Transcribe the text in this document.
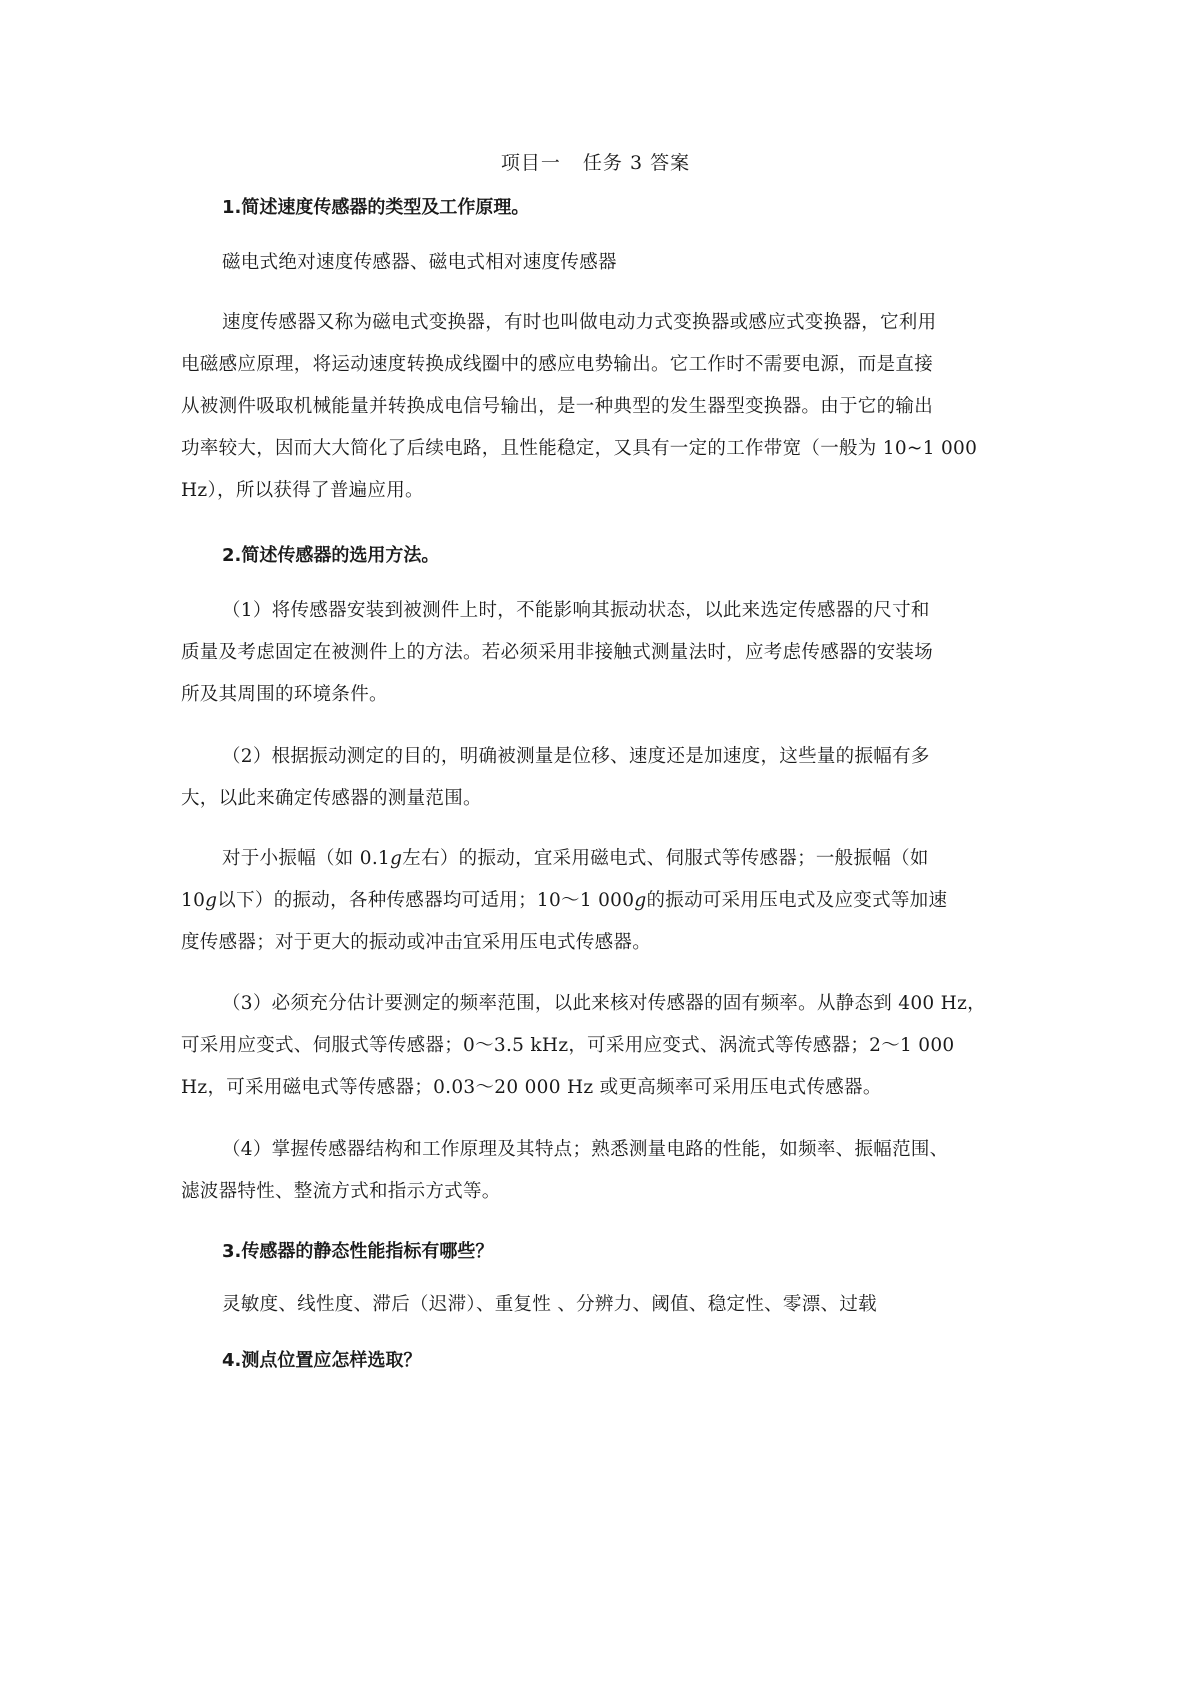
项目一 任务 3 答案
1.简述速度传感器的类型及工作原理。
磁电式绝对速度传感器、磁电式相对速度传感器
速度传感器又称为磁电式变换器，有时也叫做电动力式变换器或感应式变换器，它利用
电磁感应原理，将运动速度转换成线圈中的感应电势输出。它工作时不需要电源，而是直接
从被测件吸取机械能量并转换成电信号输出，是一种典型的发生器型变换器。由于它的输出
功率较大，因而大大简化了后续电路，且性能稳定，又具有一定的工作带宽（一般为 10~1 000
Hz），所以获得了普遍应用。
2.简述传感器的选用方法。
（1）将传感器安装到被测件上时，不能影响其振动状态，以此来选定传感器的尺寸和
质量及考虑固定在被测件上的方法。若必须采用非接触式测量法时，应考虑传感器的安装场
所及其周围的环境条件。
（2）根据振动测定的目的，明确被测量是位移、速度还是加速度，这些量的振幅有多
大，以此来确定传感器的测量范围。
对于小振幅（如 0.1g左右）的振动，宜采用磁电式、伺服式等传感器；一般振幅（如
10g以下）的振动，各种传感器均可适用；10～1 000g的振动可采用压电式及应变式等加速
度传感器；对于更大的振动或冲击宜采用压电式传感器。
（3）必须充分估计要测定的频率范围，以此来核对传感器的固有频率。从静态到 400 Hz，
可采用应变式、伺服式等传感器；0～3.5 kHz，可采用应变式、涡流式等传感器；2～1 000
Hz，可采用磁电式等传感器；0.03～20 000 Hz 或更高频率可采用压电式传感器。
（4）掌握传感器结构和工作原理及其特点；熟悉测量电路的性能，如频率、振幅范围、
滤波器特性、整流方式和指示方式等。
3.传感器的静态性能指标有哪些？
灵敏度、线性度、滞后（迟滞）、重复性 、分辨力、阈值、稳定性、零漂、过载
4.测点位置应怎样选取？
